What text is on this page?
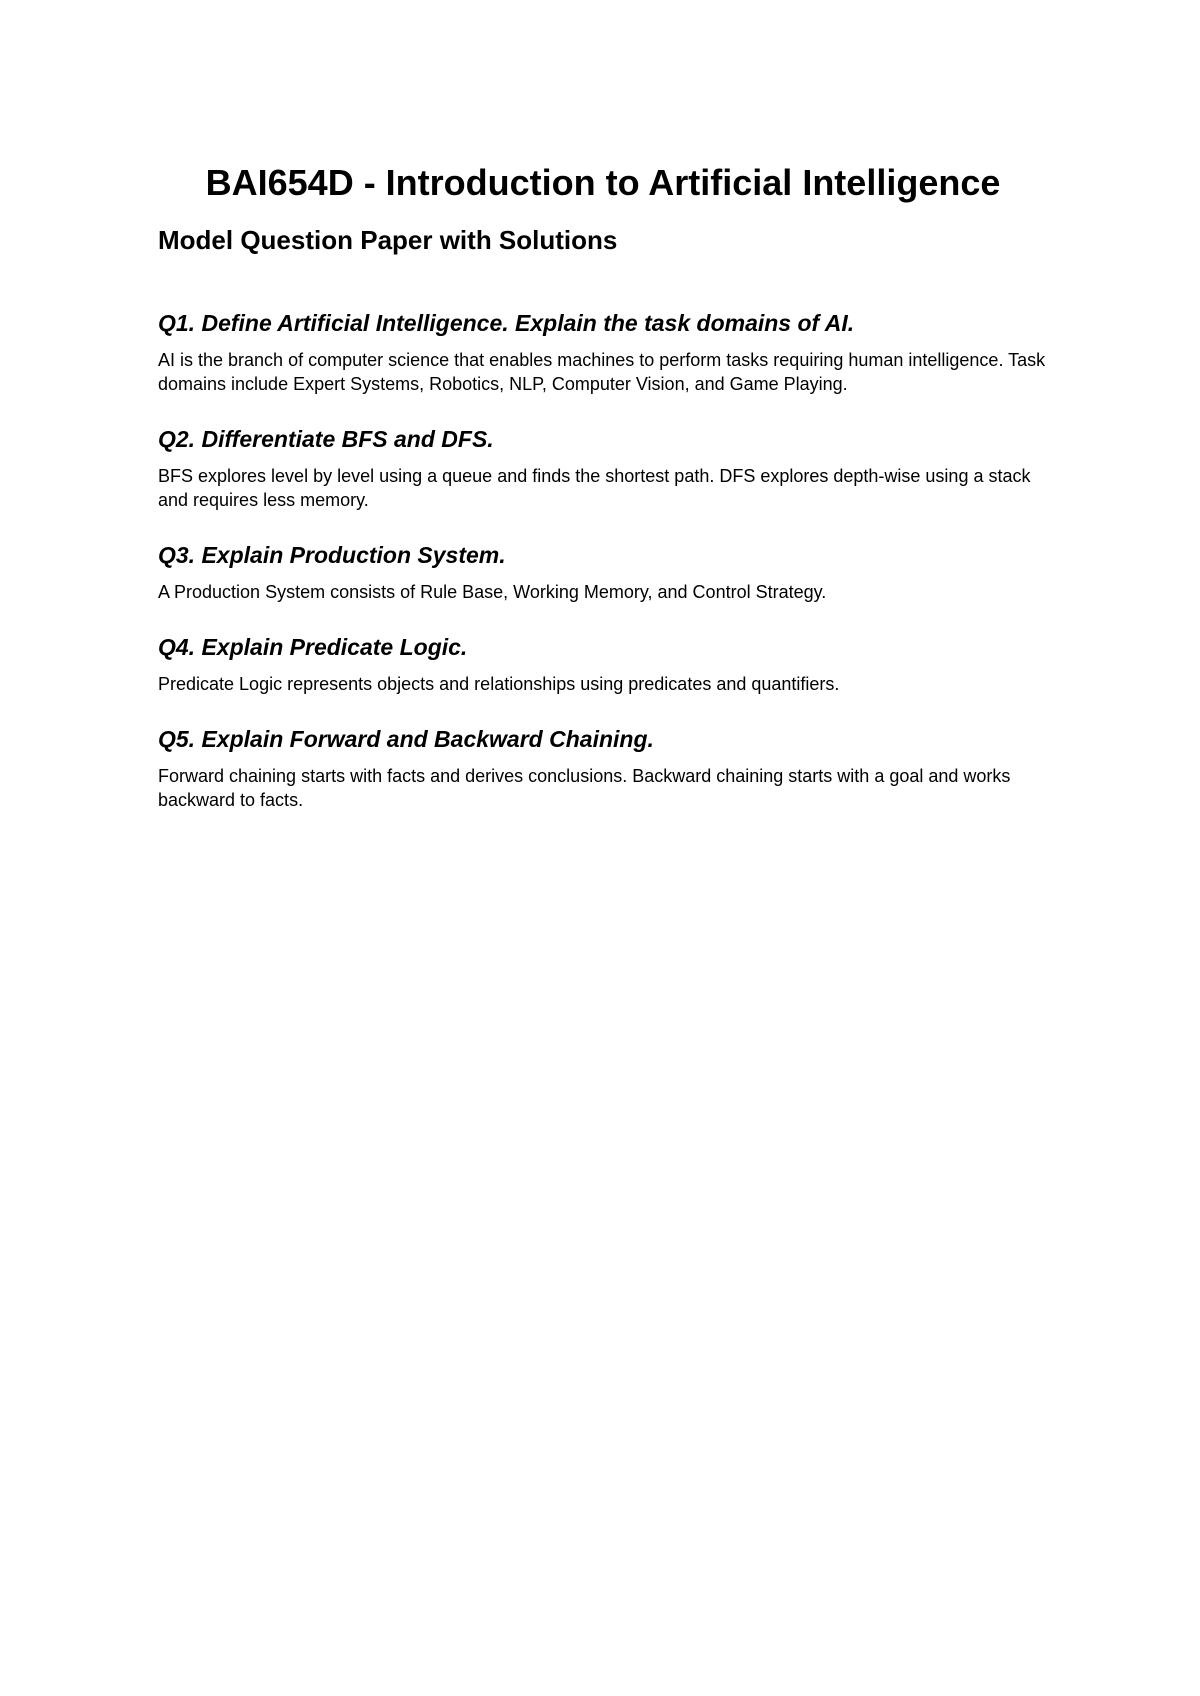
BAI654D - Introduction to Artificial Intelligence
Model Question Paper with Solutions
Q1. Define Artificial Intelligence. Explain the task domains of AI.

AI is the branch of computer science that enables machines to perform tasks requiring human intelligence. Task domains include Expert Systems, Robotics, NLP, Computer Vision, and Game Playing.

Q2. Differentiate BFS and DFS.

BFS explores level by level using a queue and finds the shortest path. DFS explores depth-wise using a stack and requires less memory.

Q3. Explain Production System.

A Production System consists of Rule Base, Working Memory, and Control Strategy.

Q4. Explain Predicate Logic.

Predicate Logic represents objects and relationships using predicates and quantifiers.

Q5. Explain Forward and Backward Chaining.

Forward chaining starts with facts and derives conclusions. Backward chaining starts with a goal and works backward to facts.
